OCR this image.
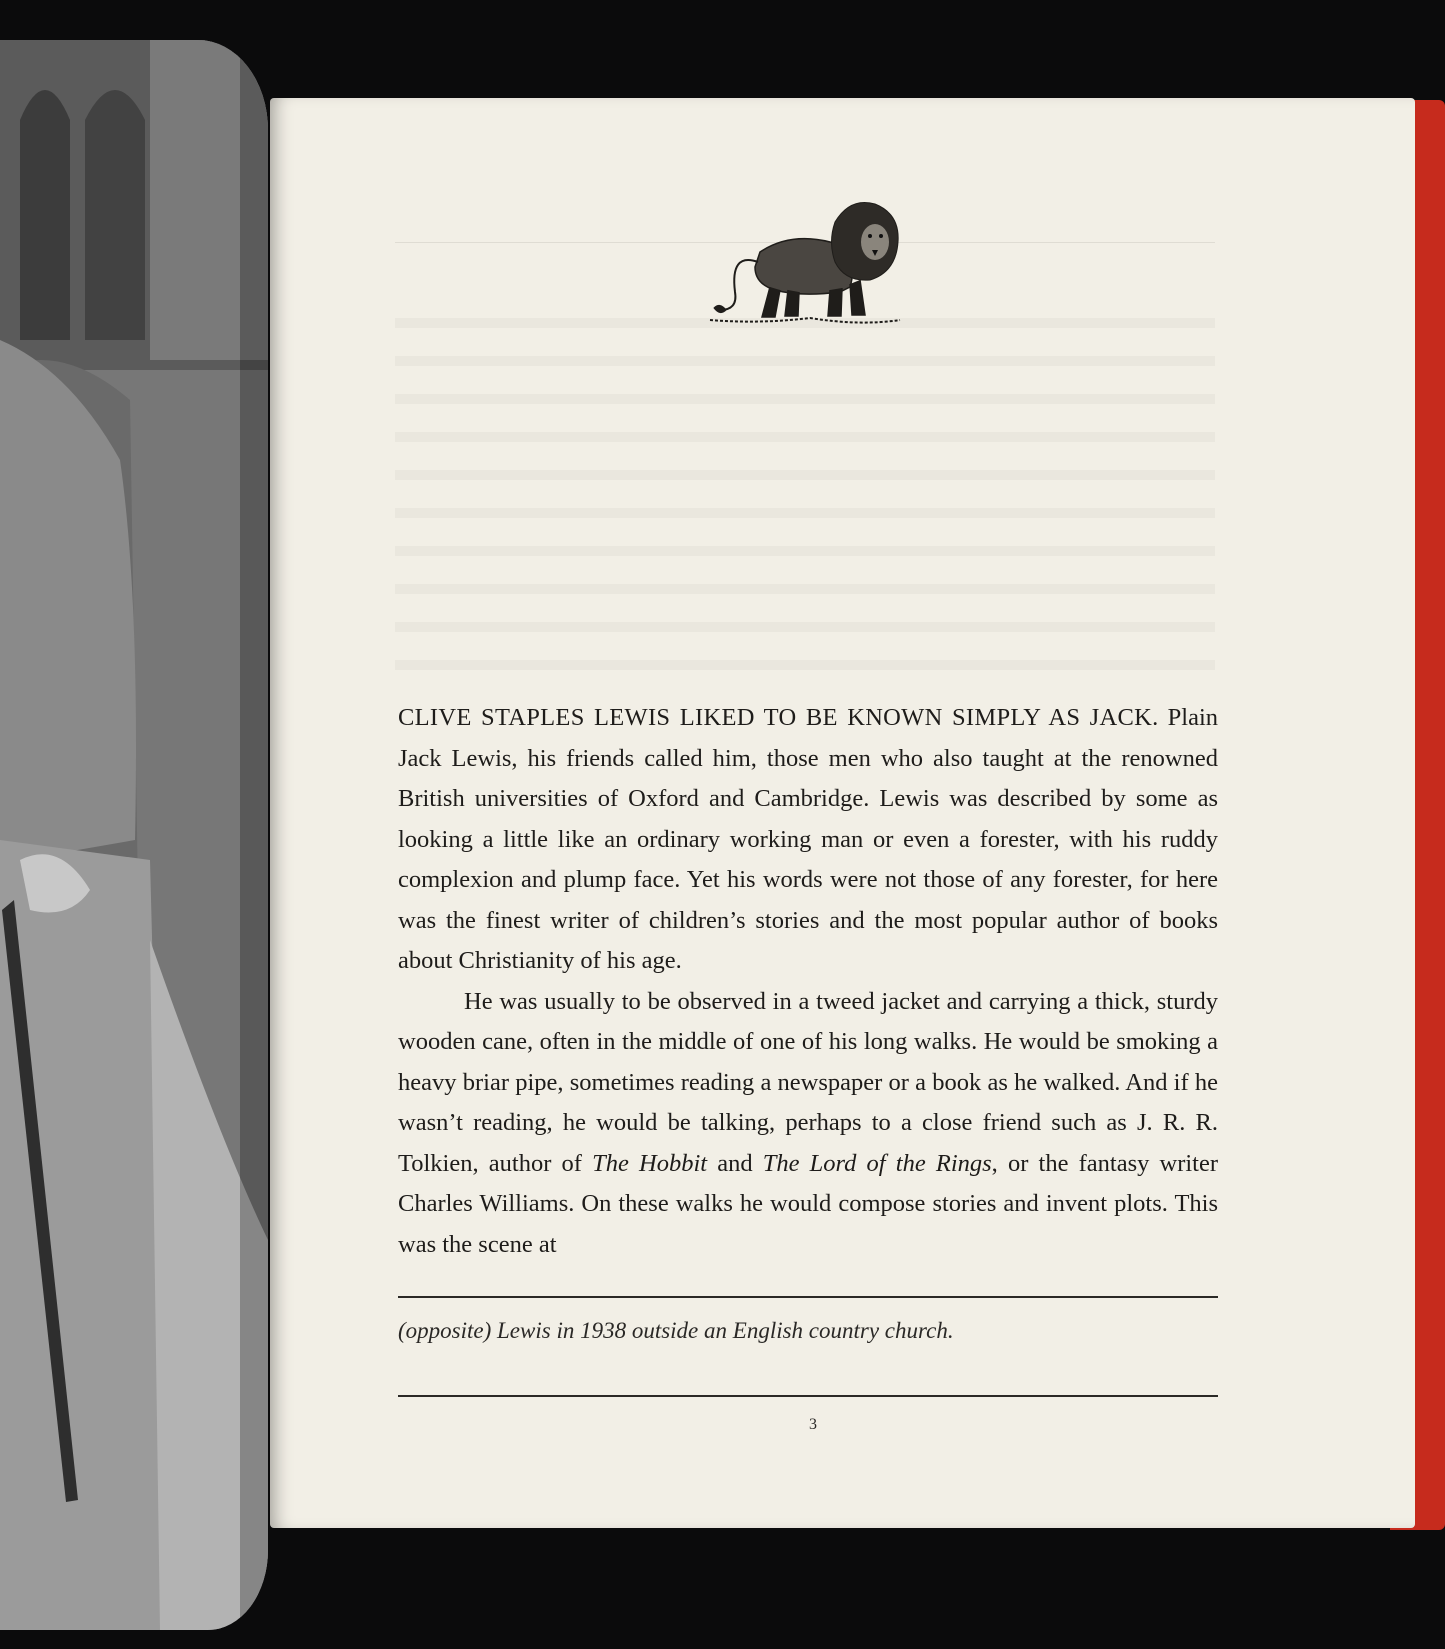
CLIVE STAPLES LEWIS LIKED TO BE KNOWN SIMPLY AS JACK. Plain Jack Lewis, his friends called him, those men who also taught at the renowned British universities of Oxford and Cambridge. Lewis was described by some as looking a little like an ordinary working man or even a forester, with his ruddy complexion and plump face. Yet his words were not those of any forester, for here was the finest writer of children’s stories and the most popular author of books about Christianity of his age.

He was usually to be observed in a tweed jacket and carrying a thick, sturdy wooden cane, often in the middle of one of his long walks. He would be smoking a heavy briar pipe, sometimes reading a newspaper or a book as he walked. And if he wasn’t reading, he would be talking, perhaps to a close friend such as J. R. R. Tolkien, author of The Hobbit and The Lord of the Rings, or the fantasy writer Charles Williams. On these walks he would compose stories and invent plots. This was the scene at

(opposite) Lewis in 1938 outside an English country church.
3
